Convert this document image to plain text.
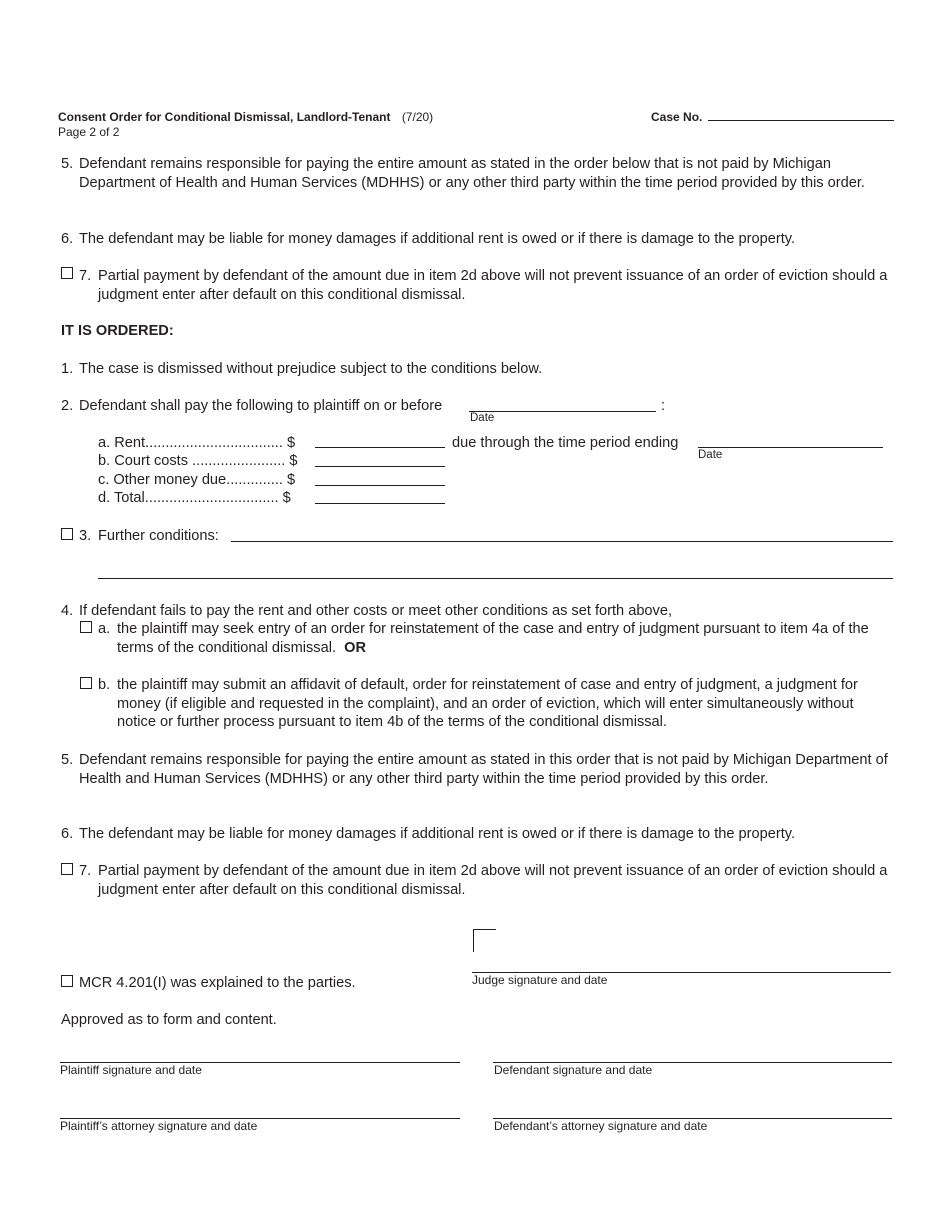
Consent Order for Conditional Dismissal, Landlord-Tenant (7/20)
Page 2 of 2
Case No.
5. Defendant remains responsible for paying the entire amount as stated in the order below that is not paid by Michigan Department of Health and Human Services (MDHHS) or any other third party within the time period provided by this order.
6. The defendant may be liable for money damages if additional rent is owed or if there is damage to the property.
7. Partial payment by defendant of the amount due in item 2d above will not prevent issuance of an order of eviction should a judgment enter after default on this conditional dismissal.
IT IS ORDERED:
1. The case is dismissed without prejudice subject to the conditions below.
2. Defendant shall pay the following to plaintiff on or before	:
Date
a. Rent.................................. $
b. Court costs ....................... $
c. Other money due.............. $
d. Total................................. $
due through the time period ending
Date
3. Further conditions:
4. If defendant fails to pay the rent and other costs or meet other conditions as set forth above,
a. the plaintiff may seek entry of an order for reinstatement of the case and entry of judgment pursuant to item 4a of the terms of the conditional dismissal. OR
b. the plaintiff may submit an affidavit of default, order for reinstatement of case and entry of judgment, a judgment for money (if eligible and requested in the complaint), and an order of eviction, which will enter simultaneously without notice or further process pursuant to item 4b of the terms of the conditional dismissal.
5. Defendant remains responsible for paying the entire amount as stated in this order that is not paid by Michigan Department of Health and Human Services (MDHHS) or any other third party within the time period provided by this order.
6. The defendant may be liable for money damages if additional rent is owed or if there is damage to the property.
7. Partial payment by defendant of the amount due in item 2d above will not prevent issuance of an order of eviction should a judgment enter after default on this conditional dismissal.
Judge signature and date
MCR 4.201(I) was explained to the parties.
Approved as to form and content.
Plaintiff signature and date	Defendant signature and date
Plaintiff’s attorney signature and date	Defendant’s attorney signature and date
